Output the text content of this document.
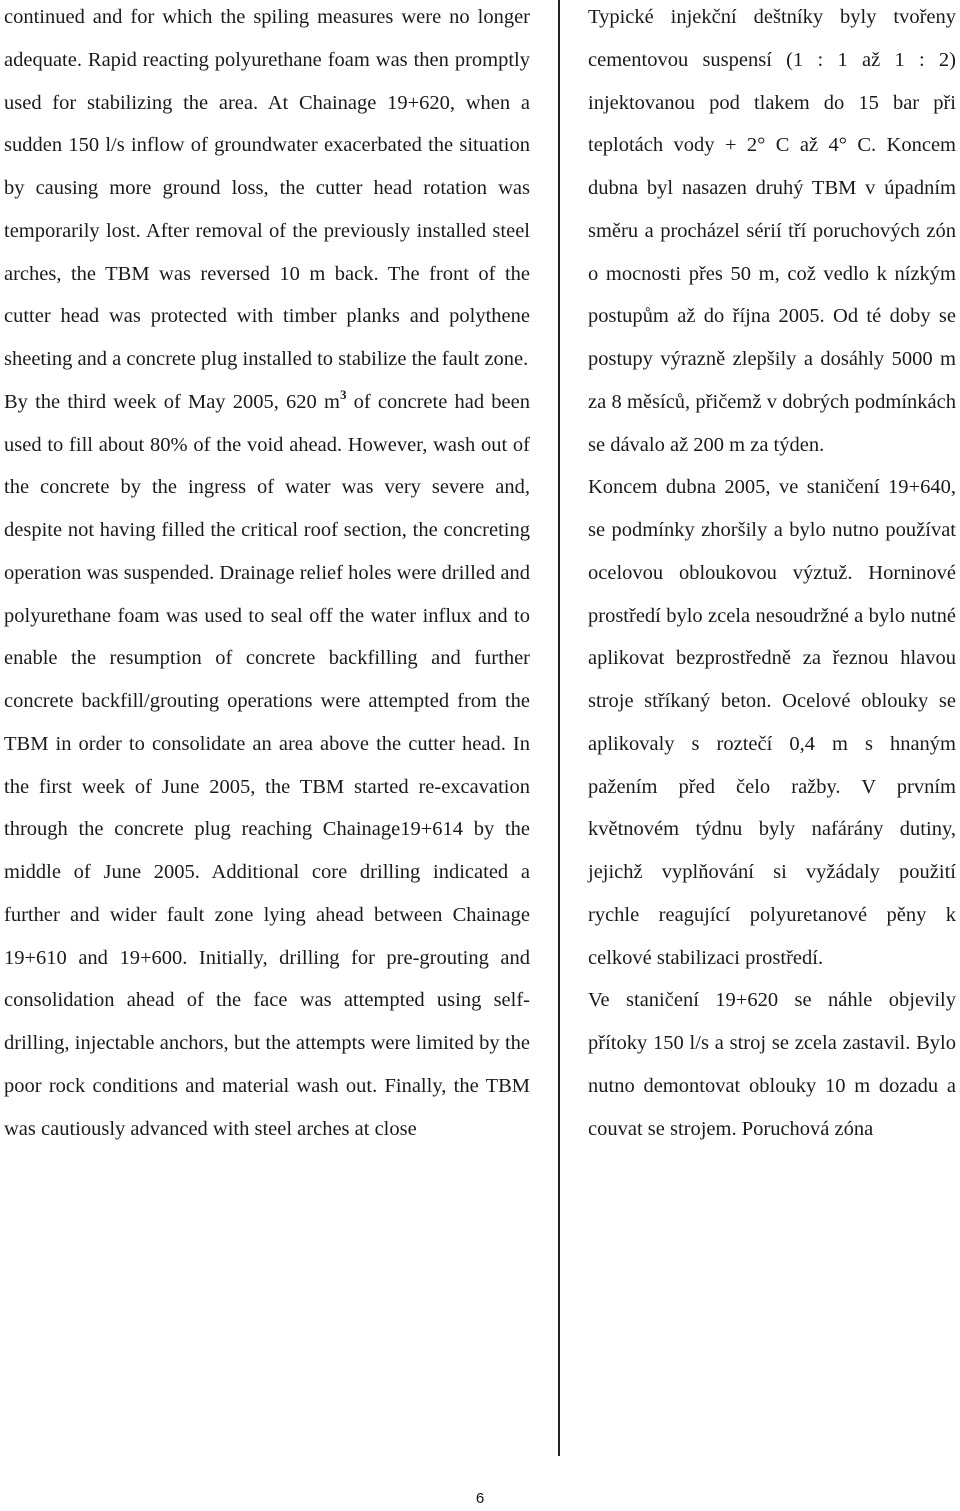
continued and for which the spiling measures were no longer adequate. Rapid reacting polyurethane foam was then promptly used for stabilizing the area. At Chainage 19+620, when a sudden 150 l/s inflow of groundwater exacerbated the situation by causing more ground loss, the cutter head rotation was temporarily lost. After removal of the previously installed steel arches, the TBM was reversed 10 m back. The front of the cutter head was protected with timber planks and polythene sheeting and a concrete plug installed to stabilize the fault zone.

By the third week of May 2005, 620 $m^3$ of concrete had been used to fill about 80% of the void ahead. However, wash out of the concrete by the ingress of water was very severe and, despite not having filled the critical roof section, the concreting operation was suspended. Drainage relief holes were drilled and polyurethane foam was used to seal off the water influx and to enable the resumption of concrete backfilling and further concrete backfill/grouting operations were attempted from the TBM in order to consolidate an area above the cutter head. In the first week of June 2005, the TBM started re-excavation through the concrete plug reaching Chainage19+614 by the middle of June 2005. Additional core drilling indicated a further and wider fault zone lying ahead between Chainage 19+610 and 19+600. Initially, drilling for pre-grouting and consolidation ahead of the face was attempted using self-drilling, injectable anchors, but the attempts were limited by the poor rock conditions and material wash out. Finally, the TBM was cautiously advanced with steel arches at close

Typické injekční deštníky byly tvořeny cementovou suspensí (1 : 1 až 1 : 2) injektovanou pod tlakem do 15 bar při teplotách vody + 2° C až 4° C. Koncem dubna byl nasazen druhý TBM v úpadním směru a procházel sérií tří poruchových zón o mocnosti přes 50 m, což vedlo k nízkým postupům až do října 2005. Od té doby se postupy výrazně zlepšily a dosáhly 5000 m za 8 měsíců, přičemž v dobrých podmínkách se dávalo až 200 m za týden.

Koncem dubna 2005, ve staničení 19+640, se podmínky zhoršily a bylo nutno používat ocelovou obloukovou výztuž. Horninové prostředí bylo zcela nesoudržné a bylo nutné aplikovat bezprostředně za řeznou hlavou stroje stříkaný beton. Ocelové oblouky se aplikovaly s roztečí 0,4 m s hnaným pažením před čelo ražby. V prvním květnovém týdnu byly nafárány dutiny, jejichž vyplňování si vyžádaly použití rychle reagující polyuretanové pěny k celkové stabilizaci prostředí.

Ve staničení 19+620 se náhle objevily přítoky 150 l/s a stroj se zcela zastavil. Bylo nutno demontovat oblouky 10 m dozadu a couvat se strojem. Poruchová zóna

6
